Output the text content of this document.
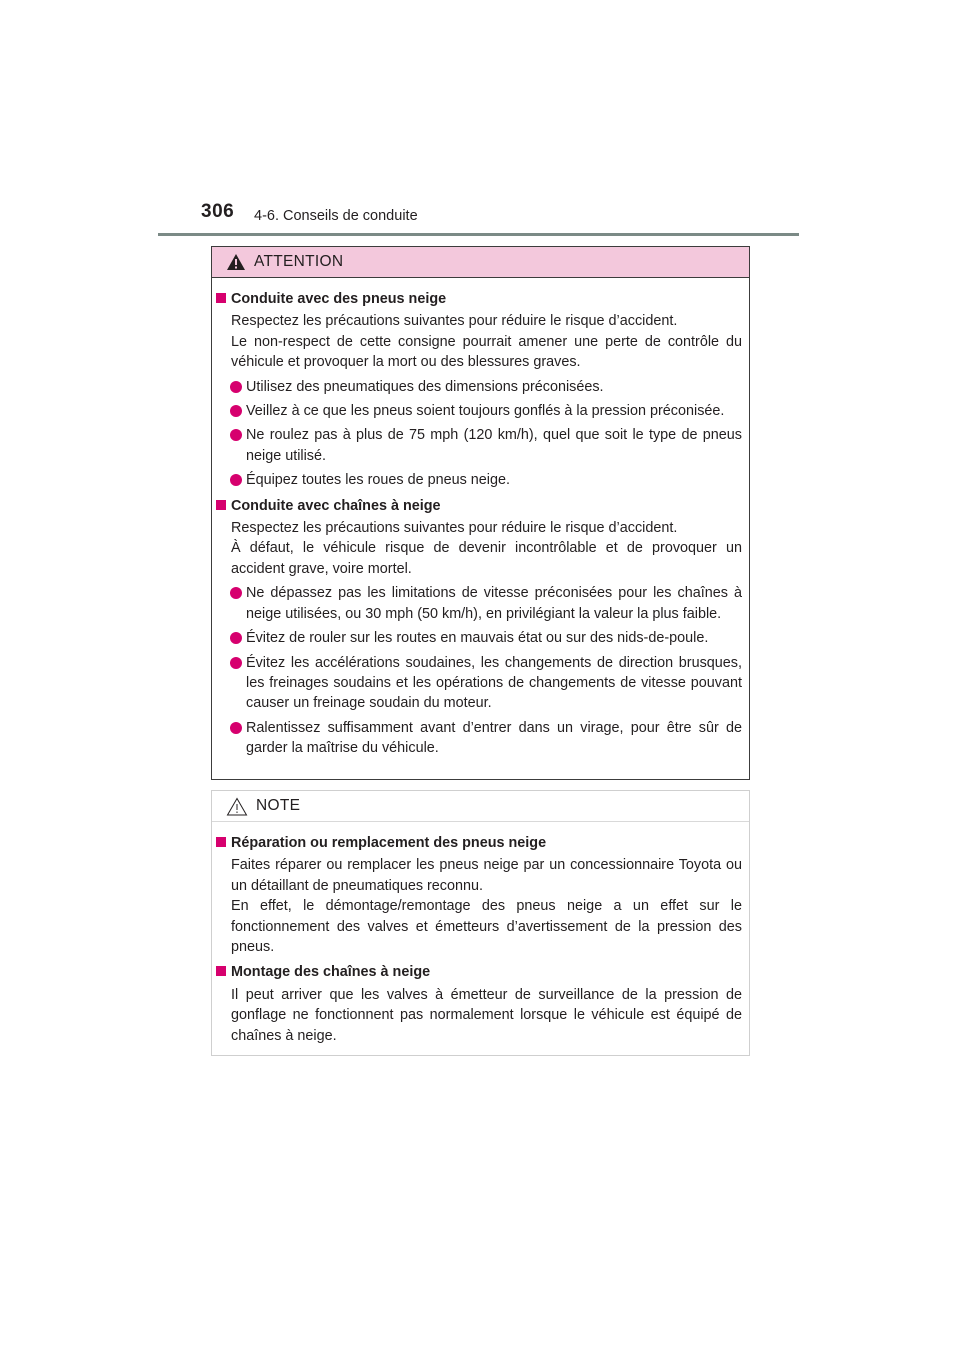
306 4-6. Conseils de conduite
ATTENTION
Conduite avec des pneus neige
Respectez les précautions suivantes pour réduire le risque d’accident.
Le non-respect de cette consigne pourrait amener une perte de contrôle du véhicule et provoquer la mort ou des blessures graves.
Utilisez des pneumatiques des dimensions préconisées.
Veillez à ce que les pneus soient toujours gonflés à la pression préconisée.
Ne roulez pas à plus de 75 mph (120 km/h), quel que soit le type de pneus neige utilisé.
Équipez toutes les roues de pneus neige.
Conduite avec chaînes à neige
Respectez les précautions suivantes pour réduire le risque d’accident.
À défaut, le véhicule risque de devenir incontrôlable et de provoquer un accident grave, voire mortel.
Ne dépassez pas les limitations de vitesse préconisées pour les chaînes à neige utilisées, ou 30 mph (50 km/h), en privilégiant la valeur la plus faible.
Évitez de rouler sur les routes en mauvais état ou sur des nids-de-poule.
Évitez les accélérations soudaines, les changements de direction brusques, les freinages soudains et les opérations de changements de vitesse pouvant causer un freinage soudain du moteur.
Ralentissez suffisamment avant d’entrer dans un virage, pour être sûr de garder la maîtrise du véhicule.
NOTE
Réparation ou remplacement des pneus neige
Faites réparer ou remplacer les pneus neige par un concessionnaire Toyota ou un détaillant de pneumatiques reconnu.
En effet, le démontage/remontage des pneus neige a un effet sur le fonctionnement des valves et émetteurs d’avertissement de la pression des pneus.
Montage des chaînes à neige
Il peut arriver que les valves à émetteur de surveillance de la pression de gonflage ne fonctionnent pas normalement lorsque le véhicule est équipé de chaînes à neige.
